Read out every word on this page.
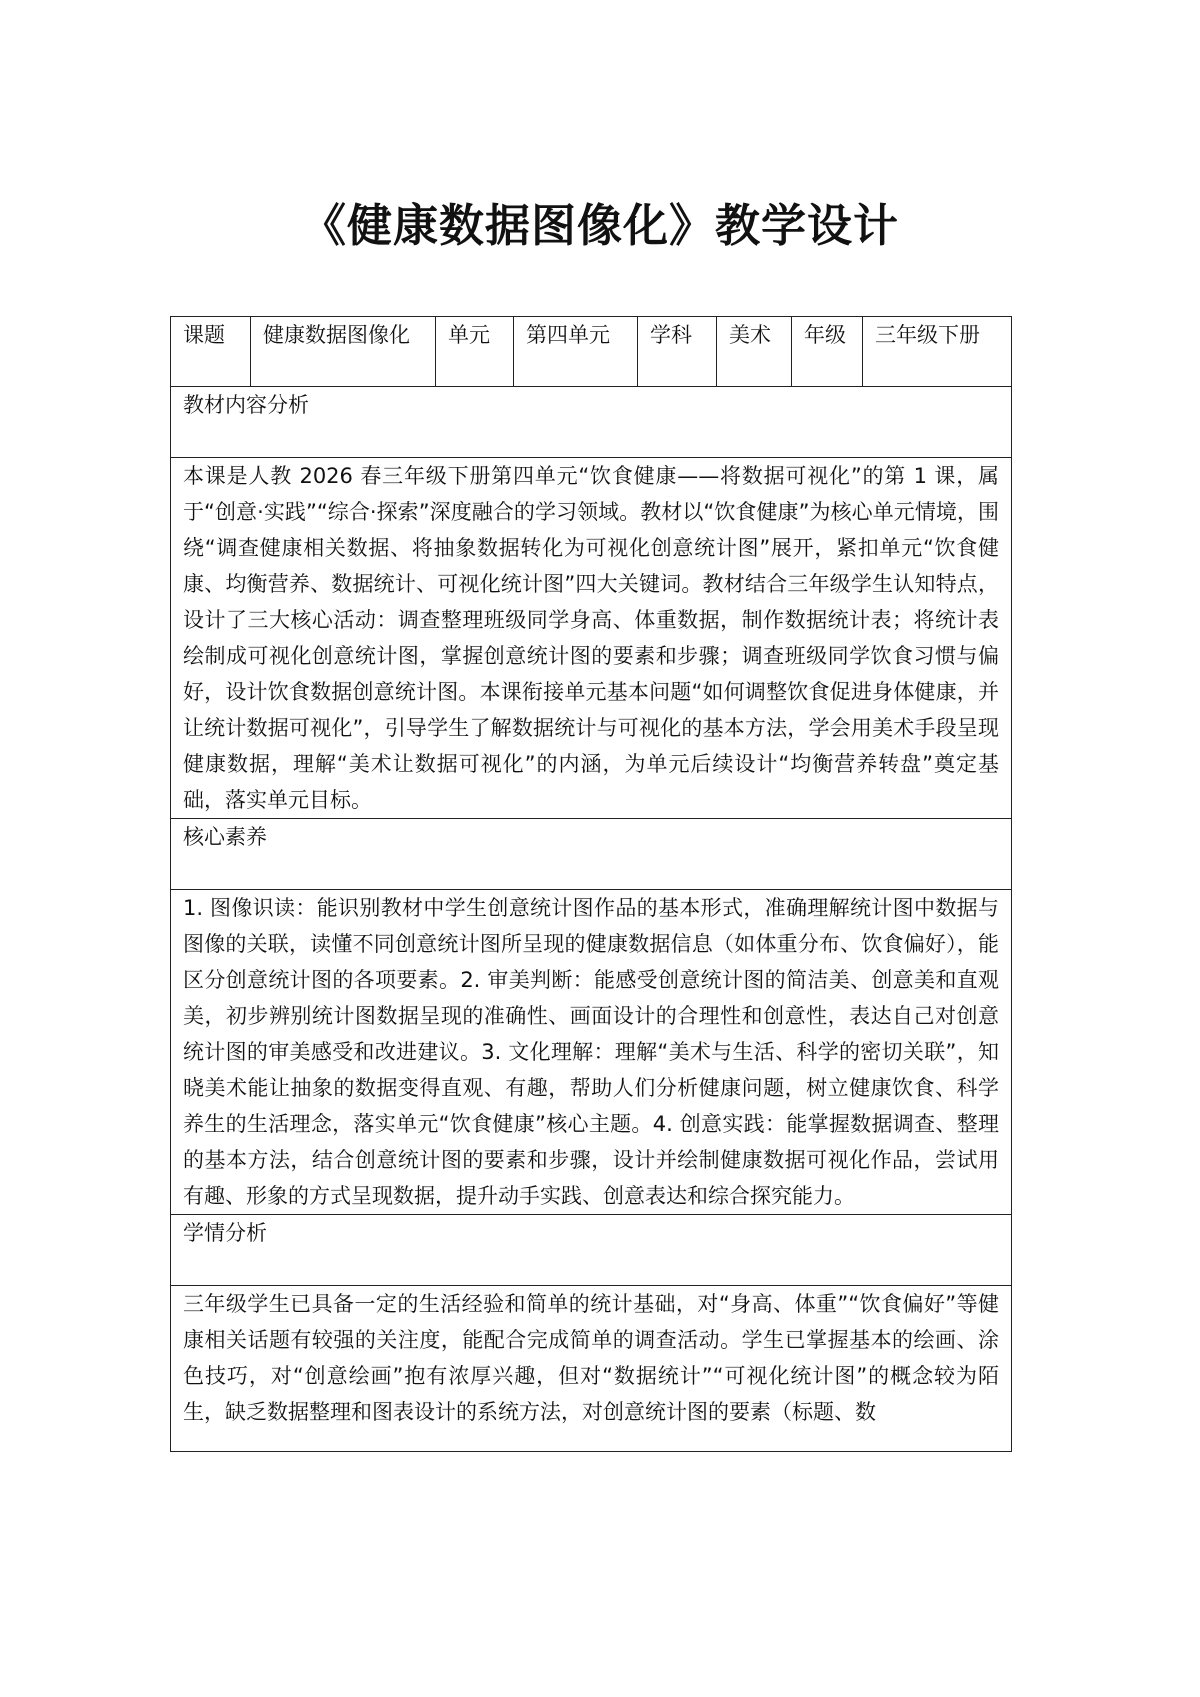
《健康数据图像化》教学设计
课题	健康数据图像化	单元	第四单元	学科	美术	年级	三年级下册
教材内容分析
本课是人教 2026 春三年级下册第四单元“饮食健康——将数据可视化”的第 1 课，属于“创意·实践”“综合·探索”深度融合的学习领域。教材以“饮食健康”为核心单元情境，围绕“调查健康相关数据、将抽象数据转化为可视化创意统计图”展开，紧扣单元“饮食健康、均衡营养、数据统计、可视化统计图”四大关键词。教材结合三年级学生认知特点，设计了三大核心活动：调查整理班级同学身高、体重数据，制作数据统计表；将统计表绘制成可视化创意统计图，掌握创意统计图的要素和步骤；调查班级同学饮食习惯与偏好，设计饮食数据创意统计图。本课衔接单元基本问题“如何调整饮食促进身体健康，并让统计数据可视化”，引导学生了解数据统计与可视化的基本方法，学会用美术手段呈现健康数据，理解“美术让数据可视化”的内涵，为单元后续设计“均衡营养转盘”奠定基础，落实单元目标。
核心素养
1. 图像识读：能识别教材中学生创意统计图作品的基本形式，准确理解统计图中数据与图像的关联，读懂不同创意统计图所呈现的健康数据信息（如体重分布、饮食偏好），能区分创意统计图的各项要素。2. 审美判断：能感受创意统计图的简洁美、创意美和直观美，初步辨别统计图数据呈现的准确性、画面设计的合理性和创意性，表达自己对创意统计图的审美感受和改进建议。3. 文化理解：理解“美术与生活、科学的密切关联”，知晓美术能让抽象的数据变得直观、有趣，帮助人们分析健康问题，树立健康饮食、科学养生的生活理念，落实单元“饮食健康”核心主题。4. 创意实践：能掌握数据调查、整理的基本方法，结合创意统计图的要素和步骤，设计并绘制健康数据可视化作品，尝试用有趣、形象的方式呈现数据，提升动手实践、创意表达和综合探究能力。
学情分析
三年级学生已具备一定的生活经验和简单的统计基础，对“身高、体重”“饮食偏好”等健康相关话题有较强的关注度，能配合完成简单的调查活动。学生已掌握基本的绘画、涂色技巧，对“创意绘画”抱有浓厚兴趣，但对“数据统计”“可视化统计图”的概念较为陌生，缺乏数据整理和图表设计的系统方法，对创意统计图的要素（标题、数
